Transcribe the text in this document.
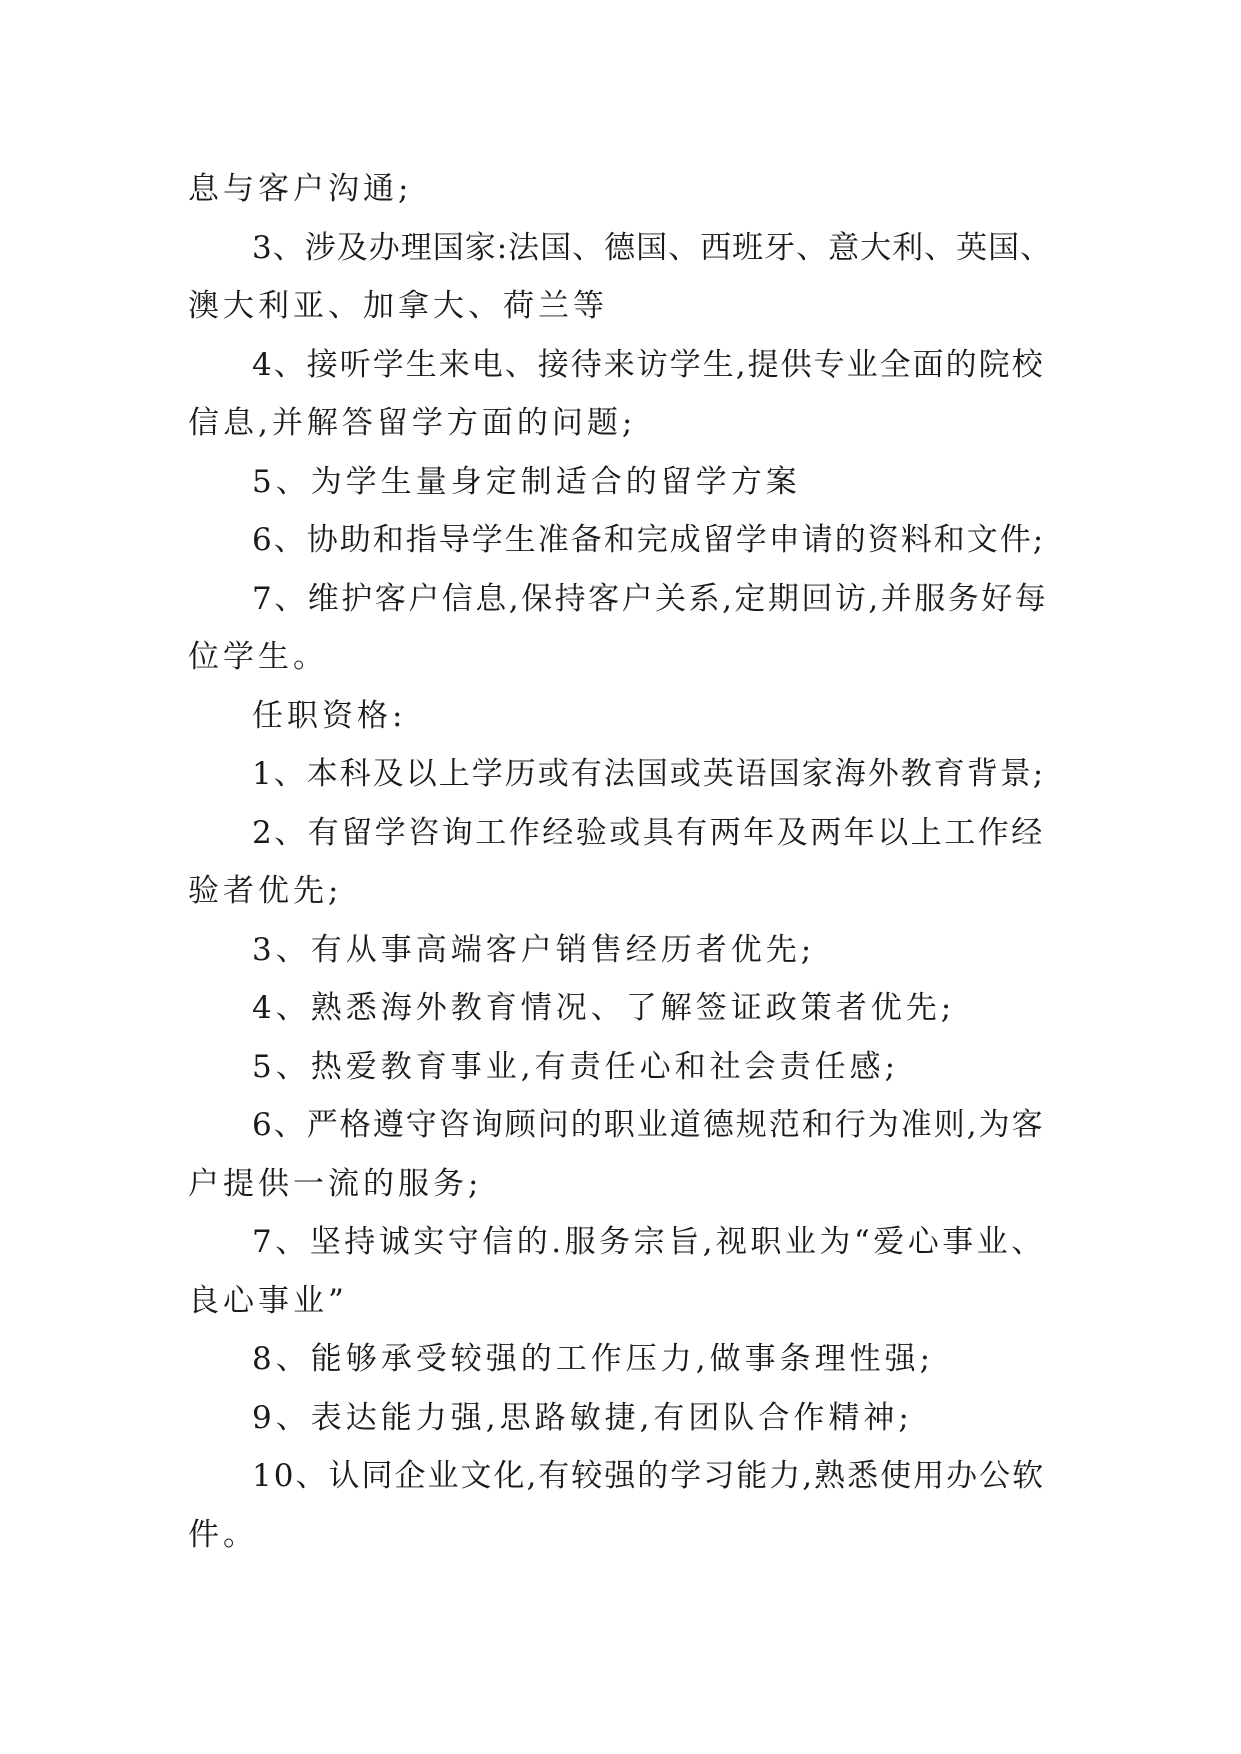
息与客户沟通;
3、涉及办理国家:法国、德国、西班牙、意大利、英国、
澳大利亚、加拿大、荷兰等
4、接听学生来电、接待来访学生,提供专业全面的院校
信息,并解答留学方面的问题;
5、为学生量身定制适合的留学方案
6、协助和指导学生准备和完成留学申请的资料和文件;
7、维护客户信息,保持客户关系,定期回访,并服务好每
位学生。
任职资格:
1、本科及以上学历或有法国或英语国家海外教育背景;
2、有留学咨询工作经验或具有两年及两年以上工作经
验者优先;
3、有从事高端客户销售经历者优先;
4、熟悉海外教育情况、了解签证政策者优先;
5、热爱教育事业,有责任心和社会责任感;
6、严格遵守咨询顾问的职业道德规范和行为准则,为客
户提供一流的服务;
7、坚持诚实守信的.服务宗旨,视职业为“爱心事业、
良心事业”
8、能够承受较强的工作压力,做事条理性强;
9、表达能力强,思路敏捷,有团队合作精神;
10、认同企业文化,有较强的学习能力,熟悉使用办公软
件。
